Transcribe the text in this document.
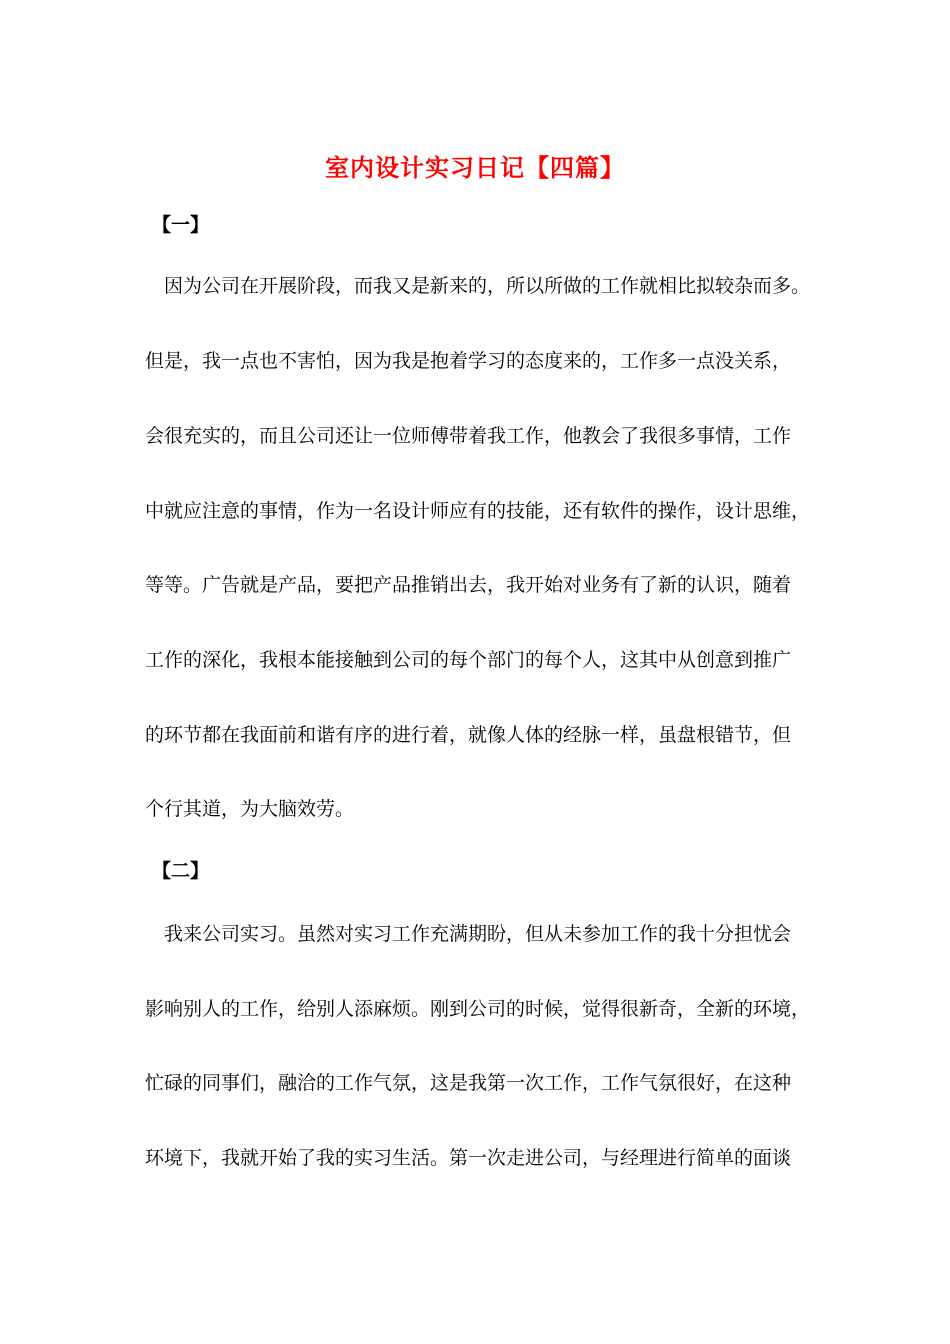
室内设计实习日记【四篇】
【一】
因为公司在开展阶段，而我又是新来的，所以所做的工作就相比拟较杂而多。
但是，我一点也不害怕，因为我是抱着学习的态度来的，工作多一点没关系，
会很充实的，而且公司还让一位师傅带着我工作，他教会了我很多事情，工作
中就应注意的事情，作为一名设计师应有的技能，还有软件的操作，设计思维，
等等。广告就是产品，要把产品推销出去，我开始对业务有了新的认识，随着
工作的深化，我根本能接触到公司的每个部门的每个人，这其中从创意到推广
的环节都在我面前和谐有序的进行着，就像人体的经脉一样，虽盘根错节，但
个行其道，为大脑效劳。
【二】
我来公司实习。虽然对实习工作充满期盼，但从未参加工作的我十分担忧会
影响别人的工作，给别人添麻烦。刚到公司的时候，觉得很新奇，全新的环境，
忙碌的同事们，融洽的工作气氛，这是我第一次工作，工作气氛很好，在这种
环境下，我就开始了我的实习生活。第一次走进公司，与经理进行简单的面谈
